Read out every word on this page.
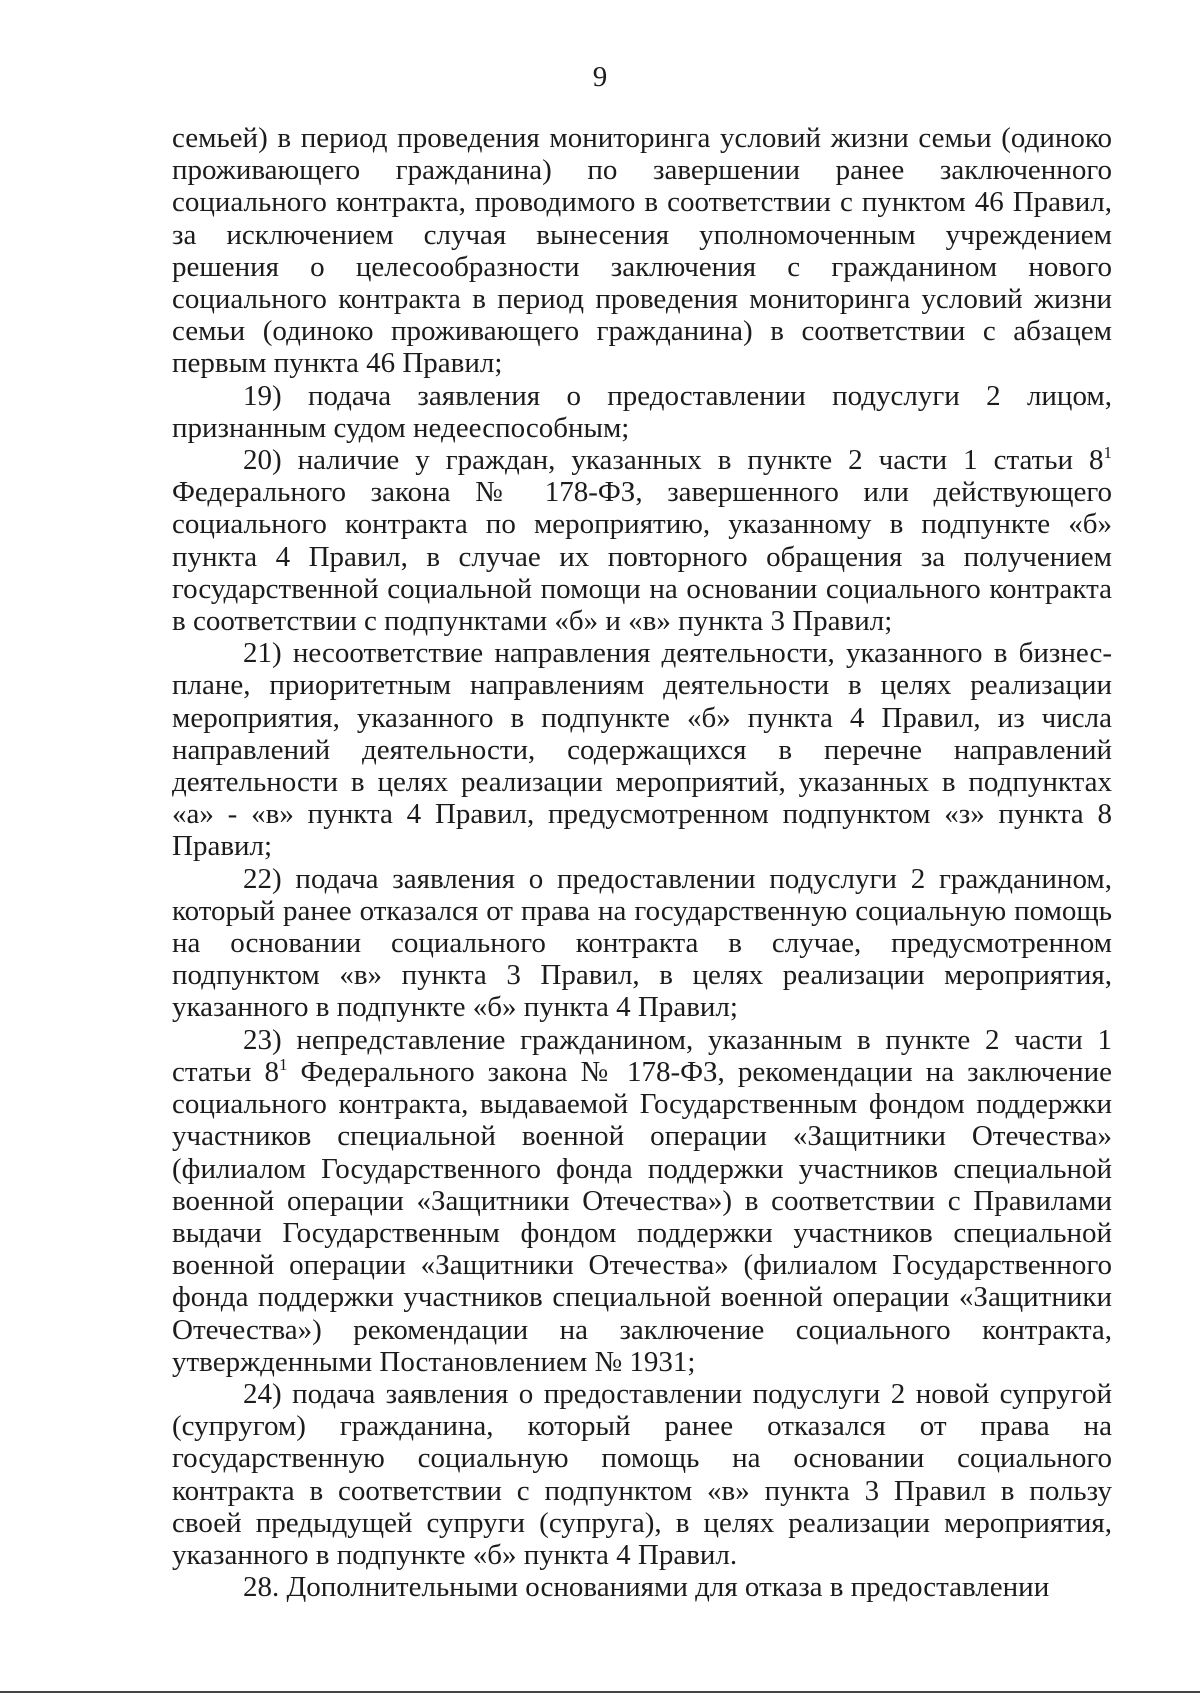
9

семьей) в период проведения мониторинга условий жизни семьи (одиноко проживающего гражданина) по завершении ранее заключенного социального контракта, проводимого в соответствии с пунктом 46 Правил, за исключением случая вынесения уполномоченным учреждением решения о целесообразности заключения с гражданином нового социального контракта в период проведения мониторинга условий жизни семьи (одиноко проживающего гражданина) в соответствии с абзацем первым пункта 46 Правил;

19) подача заявления о предоставлении подуслуги 2 лицом, признанным судом недееспособным;

20) наличие у граждан, указанных в пункте 2 части 1 статьи $8^1$ Федерального закона № 178-ФЗ, завершенного или действующего социального контракта по мероприятию, указанному в подпункте «б» пункта 4 Правил, в случае их повторного обращения за получением государственной социальной помощи на основании социального контракта в соответствии с подпунктами «б» и «в» пункта 3 Правил;

21) несоответствие направления деятельности, указанного в бизнес-плане, приоритетным направлениям деятельности в целях реализации мероприятия, указанного в подпункте «б» пункта 4 Правил, из числа направлений деятельности, содержащихся в перечне направлений деятельности в целях реализации мероприятий, указанных в подпунктах «а» - «в» пункта 4 Правил, предусмотренном подпунктом «з» пункта 8 Правил;

22) подача заявления о предоставлении подуслуги 2 гражданином, который ранее отказался от права на государственную социальную помощь на основании социального контракта в случае, предусмотренном подпунктом «в» пункта 3 Правил, в целях реализации мероприятия, указанного в подпункте «б» пункта 4 Правил;

23) непредставление гражданином, указанным в пункте 2 части 1 статьи $8^1$ Федерального закона № 178-ФЗ, рекомендации на заключение социального контракта, выдаваемой Государственным фондом поддержки участников специальной военной операции «Защитники Отечества» (филиалом Государственного фонда поддержки участников специальной военной операции «Защитники Отечества») в соответствии с Правилами выдачи Государственным фондом поддержки участников специальной военной операции «Защитники Отечества» (филиалом Государственного фонда поддержки участников специальной военной операции «Защитники Отечества») рекомендации на заключение социального контракта, утвержденными Постановлением № 1931;

24) подача заявления о предоставлении подуслуги 2 новой супругой (супругом) гражданина, который ранее отказался от права на государственную социальную помощь на основании социального контракта в соответствии с подпунктом «в» пункта 3 Правил в пользу своей предыдущей супруги (супруга), в целях реализации мероприятия, указанного в подпункте «б» пункта 4 Правил.

28. Дополнительными основаниями для отказа в предоставлении
